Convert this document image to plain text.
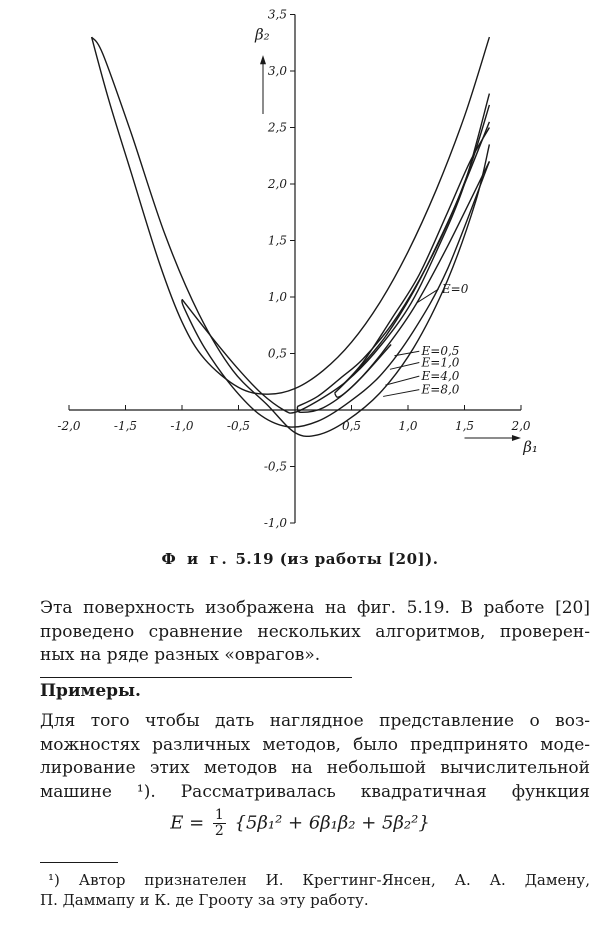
-2,0	-1,5	-1,0	-0,5	0,5	1,0	1,5	2,0
-1,0
-0,5
0,5
1,0
1,5
2,0
2,5
3,0
3,5
β₂
β₁
E=0
E=0,5
E=1,0
E=4,0
E=8,0
Ф и г. 5.19 (из работы [20]).
Эта поверхность изображена на фиг. 5.19. В работе [20]
проведено сравнение нескольких алгоритмов, проверен-
ных на ряде разных «оврагов».
Примеры.
Для того чтобы дать наглядное представление о воз-
можностях различных методов, было предпринято моде-
лирование этих методов на небольшой вычислительной
машине ¹). Рассматривалась квадратичная функция
$E = \frac{1}{2} \{5\beta_1^2 + 6\beta_1\beta_2 + 5\beta_2^2\}$
¹) Автор признателен И. Крегтинг-Янсен, А. А. Дамену,
П. Даммапу и К. де Грооту за эту работу.
